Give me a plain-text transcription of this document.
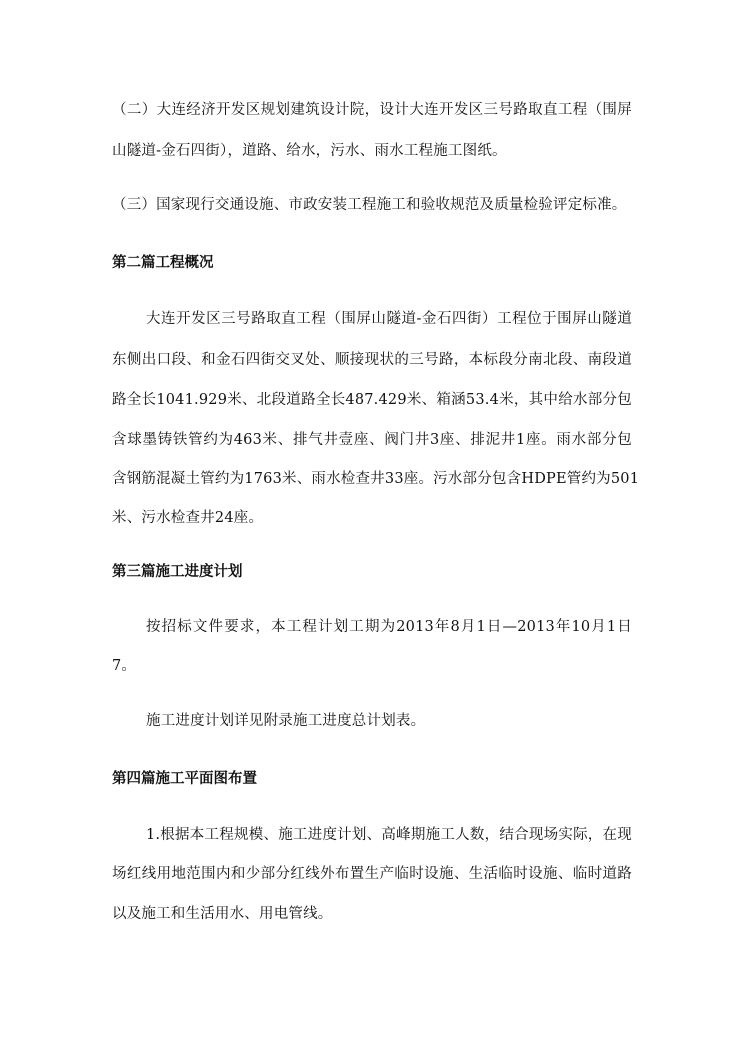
（二）大连经济开发区规划建筑设计院，设计大连开发区三号路取直工程（围屏
山隧道-金石四街），道路、给水，污水、雨水工程施工图纸。
（三）国家现行交通设施、市政安装工程施工和验收规范及质量检验评定标准。
第二篇工程概况
大连开发区三号路取直工程（围屏山隧道-金石四街）工程位于围屏山隧道
东侧出口段、和金石四街交叉处、顺接现状的三号路，本标段分南北段、南段道
路全长1041.929米、北段道路全长487.429米、箱涵53.4米，其中给水部分包
含球墨铸铁管约为463米、排气井壹座、阀门井3座、排泥井1座。雨水部分包
含钢筋混凝土管约为1763米、雨水检查井33座。污水部分包含HDPE管约为501
米、污水检查井24座。
第三篇施工进度计划
按招标文件要求，本工程计划工期为2013年8月1日—2013年10月1日
7。
施工进度计划详见附录施工进度总计划表。
第四篇施工平面图布置
1.根据本工程规模、施工进度计划、高峰期施工人数，结合现场实际，在现
场红线用地范围内和少部分红线外布置生产临时设施、生活临时设施、临时道路
以及施工和生活用水、用电管线。
